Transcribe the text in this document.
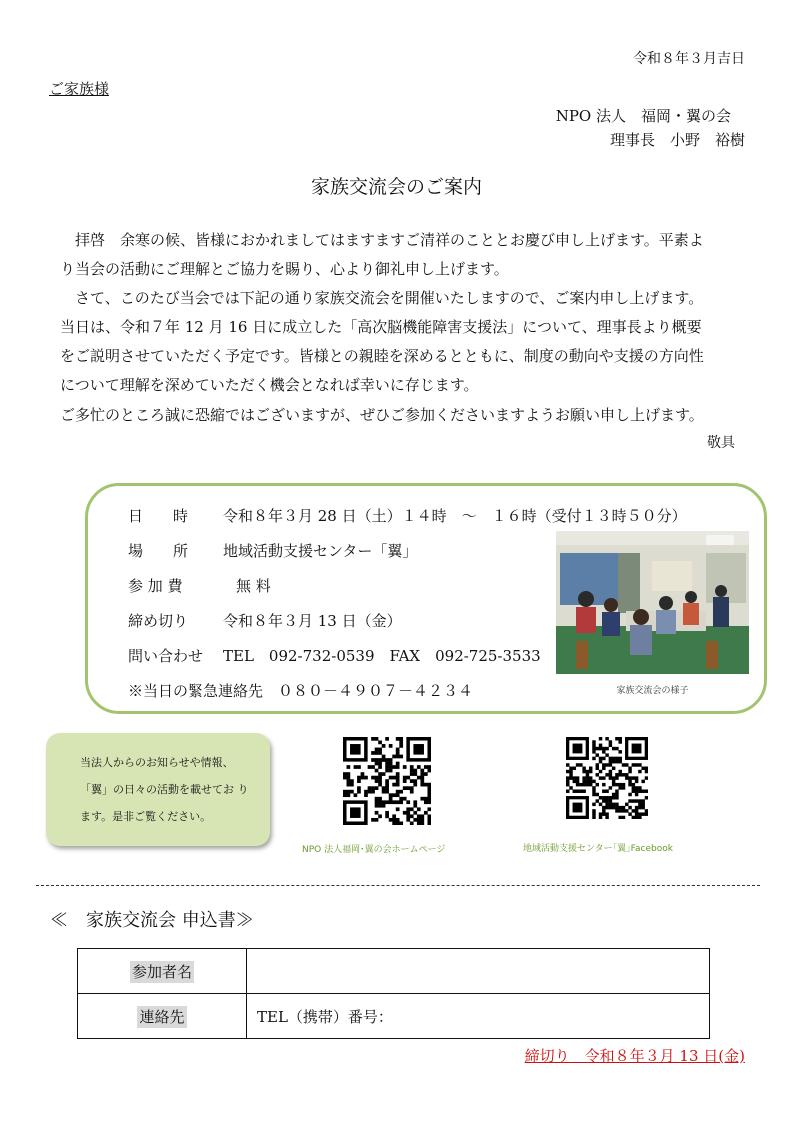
令和８年３月吉日
ご家族様
NPO 法人　福岡・翼の会
理事長　小野　裕樹
家族交流会のご案内

　拝啓　余寒の候、皆様におかれましてはますますご清祥のこととお慶び申し上げます。平素よ

り当会の活動にご理解とご協力を賜り、心より御礼申し上げます。

　さて、このたび当会では下記の通り家族交流会を開催いたしますので、ご案内申し上げます。

当日は、令和７年 12 月 16 日に成立した「高次脳機能障害支援法」について、理事長より概要

をご説明させていただく予定です。皆様との親睦を深めるとともに、制度の動向や支援の方向性

について理解を深めていただく機会となれば幸いに存じます。

ご多忙のところ誠に恐縮ではございますが、ぜひご参加くださいますようお願い申し上げます。

敬具
日　　時 令和８年３月 28 日（土）１４時　～　１６時（受付１３時５０分）
場　　所 地域活動支援センター「翼」
参 加 費	無 料
締め切り 令和８年３月 13 日（金）
問い合わせ TEL　092-732-0539　FAX　092-725-3533
※当日の緊急連絡先　０８０－４９０７－４２３４	家族交流会の様子
当法人からのお知らせや情報、
「翼」の日々の活動を載せてお り
ます。是非ご覧ください。
NPO 法人福岡･翼の会ホームページ	地域活動支援センター｢翼｣Facebook
≪　家族交流会 申込書≫
参加者名	
連絡先	TEL（携帯）番号：
締切り　令和８年３月 13 日(金)
